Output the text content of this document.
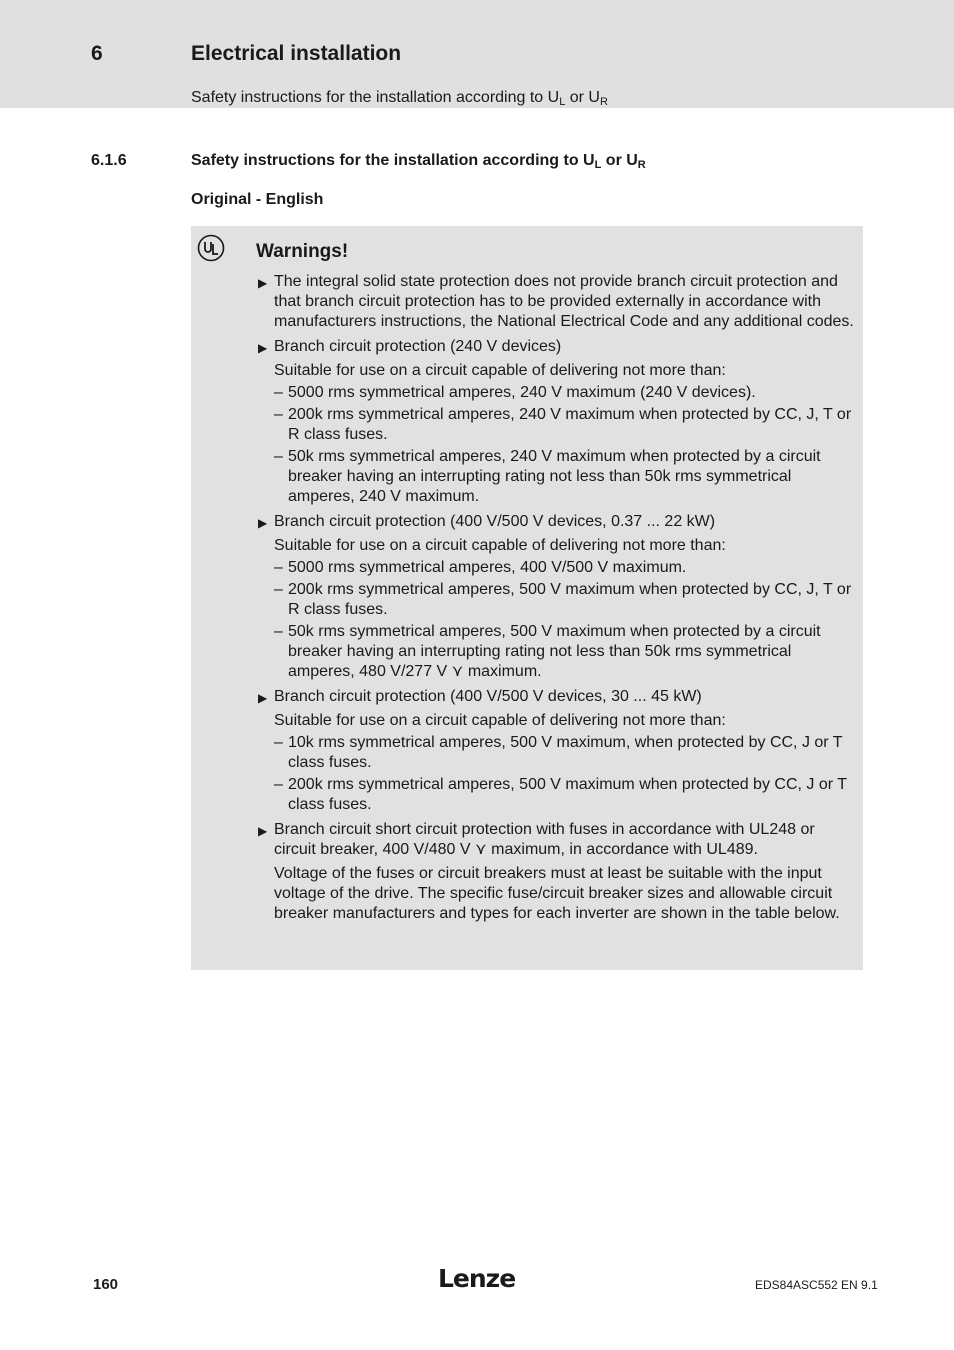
6	Electrical installation
Safety instructions for the installation according to $U_L$ or $U_R$
6.1.6	Safety instructions for the installation according to $U_L$ or $U_R$
Original - English
Warnings!
▶ The integral solid state protection does not provide branch circuit protection and that branch circuit protection has to be provided externally in accordance with manufacturers instructions, the National Electrical Code and any additional codes.
▶ Branch circuit protection (240 V devices)
Suitable for use on a circuit capable of delivering not more than:
– 5000 rms symmetrical amperes, 240 V maximum (240 V devices).
– 200k rms symmetrical amperes, 240 V maximum when protected by CC, J, T or R class fuses.
– 50k rms symmetrical amperes, 240 V maximum when protected by a circuit breaker having an interrupting rating not less than 50k rms symmetrical amperes, 240 V maximum.
▶ Branch circuit protection (400 V/500 V devices, 0.37 ... 22 kW)
Suitable for use on a circuit capable of delivering not more than:
– 5000 rms symmetrical amperes, 400 V/500 V maximum.
– 200k rms symmetrical amperes, 500 V maximum when protected by CC, J, T or R class fuses.
– 50k rms symmetrical amperes, 500 V maximum when protected by a circuit breaker having an interrupting rating not less than 50k rms symmetrical amperes, 480 V/277 V ⋎ maximum.
▶ Branch circuit protection (400 V/500 V devices, 30 ... 45 kW)
Suitable for use on a circuit capable of delivering not more than:
– 10k rms symmetrical amperes, 500 V maximum, when protected by CC, J or T class fuses.
– 200k rms symmetrical amperes, 500 V maximum when protected by CC, J or T class fuses.
▶ Branch circuit short circuit protection with fuses in accordance with UL248 or circuit breaker, 400 V/480 V ⋎ maximum, in accordance with UL489.
Voltage of the fuses or circuit breakers must at least be suitable with the input voltage of the drive. The specific fuse/circuit breaker sizes and allowable circuit breaker manufacturers and types for each inverter are shown in the table below.
160	Lenze	EDS84ASC552 EN 9.1
